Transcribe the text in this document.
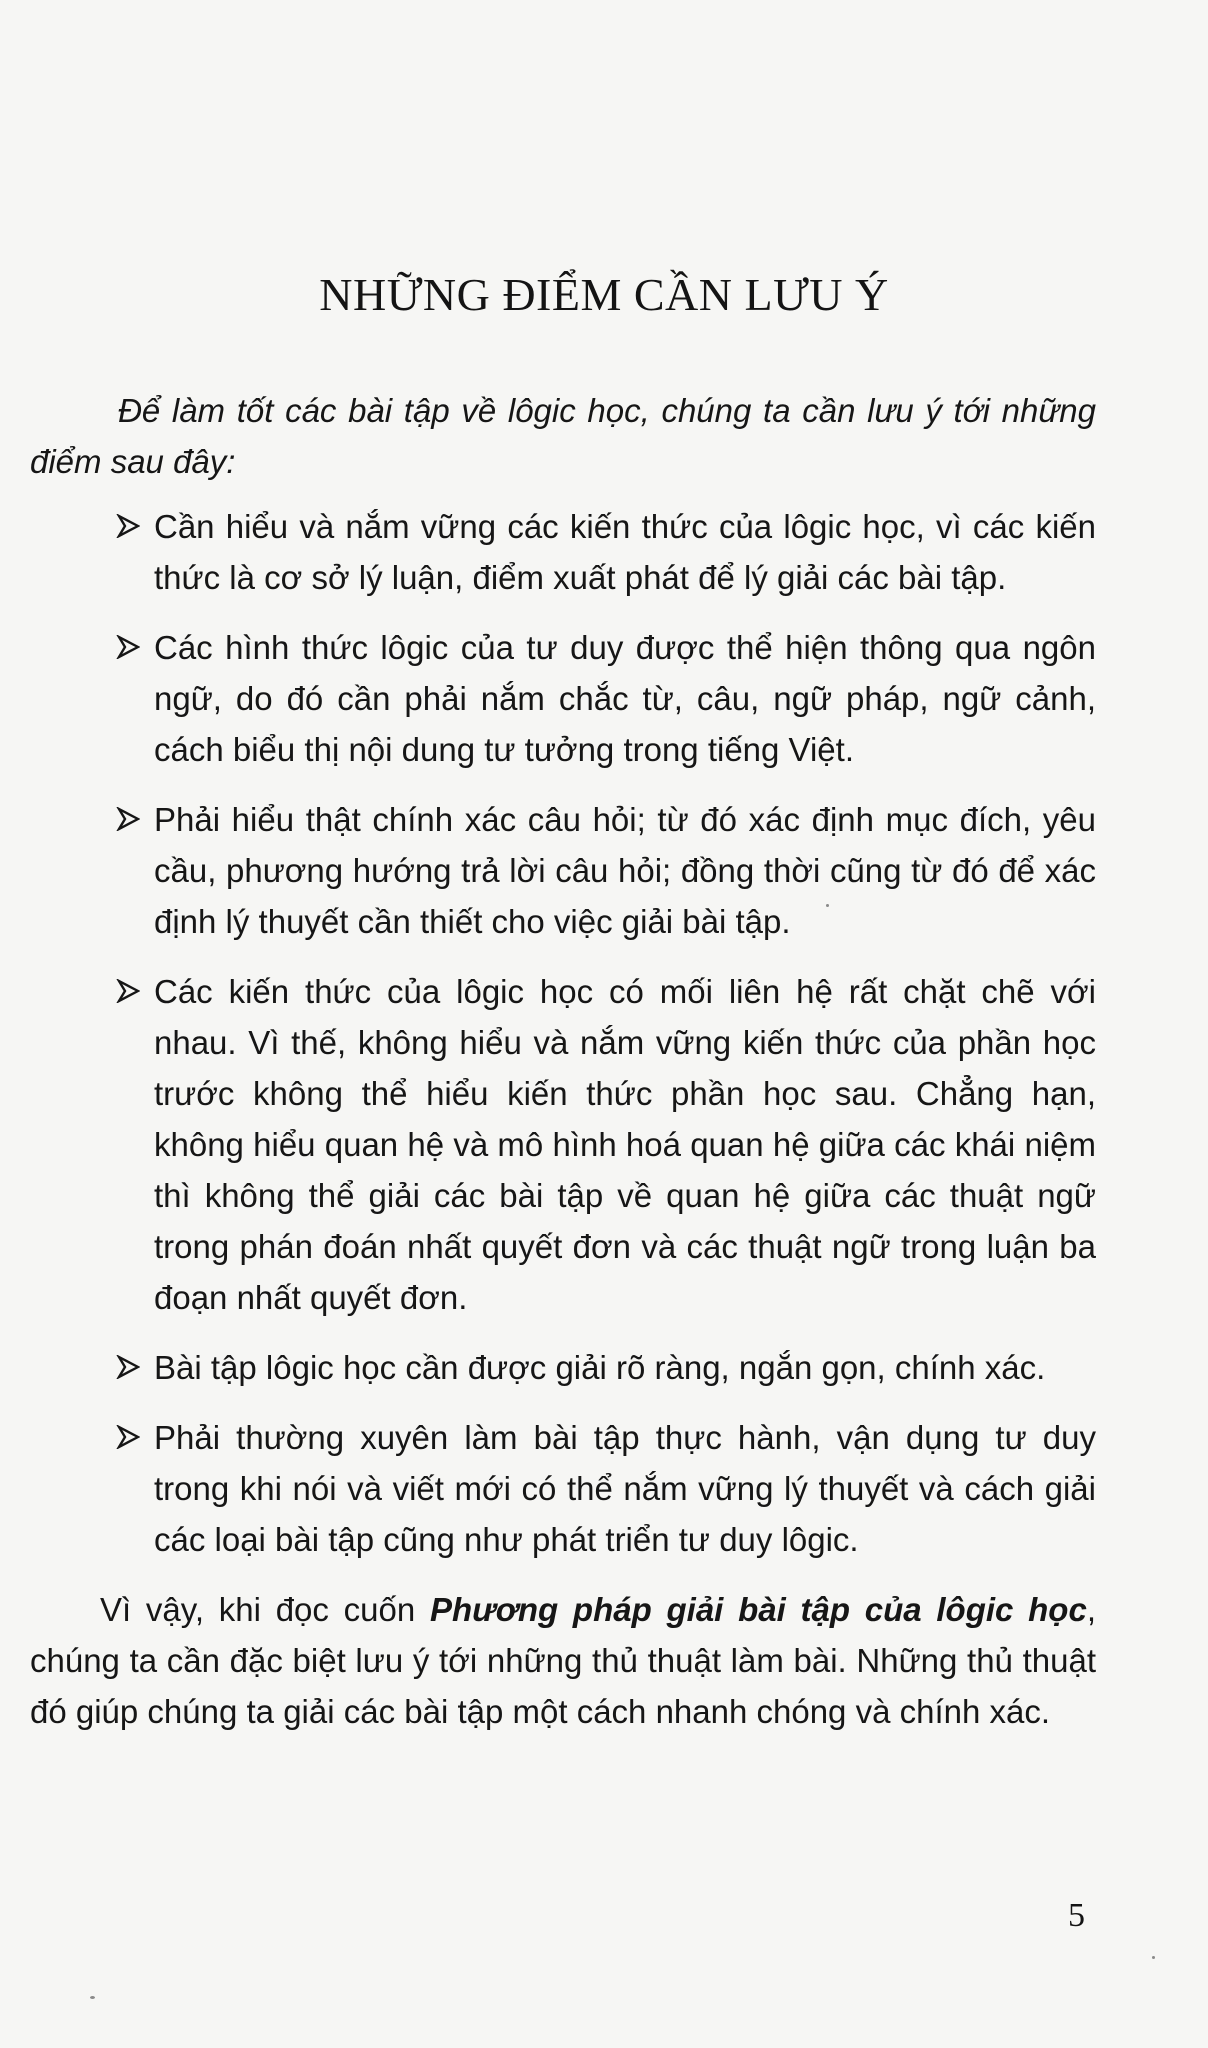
NHỮNG ĐIỂM CẦN LƯU Ý

Để làm tốt các bài tập về lôgic học, chúng ta cần lưu ý tới những điểm sau đây:

Cần hiểu và nắm vững các kiến thức của lôgic học, vì các kiến thức là cơ sở lý luận, điểm xuất phát để lý giải các bài tập.
Các hình thức lôgic của tư duy được thể hiện thông qua ngôn ngữ, do đó cần phải nắm chắc từ, câu, ngữ pháp, ngữ cảnh, cách biểu thị nội dung tư tưởng trong tiếng Việt.
Phải hiểu thật chính xác câu hỏi; từ đó xác định mục đích, yêu cầu, phương hướng trả lời câu hỏi; đồng thời cũng từ đó để xác định lý thuyết cần thiết cho việc giải bài tập.
Các kiến thức của lôgic học có mối liên hệ rất chặt chẽ với nhau. Vì thế, không hiểu và nắm vững kiến thức của phần học trước không thể hiểu kiến thức phần học sau. Chẳng hạn, không hiểu quan hệ và mô hình hoá quan hệ giữa các khái niệm thì không thể giải các bài tập về quan hệ giữa các thuật ngữ trong phán đoán nhất quyết đơn và các thuật ngữ trong luận ba đoạn nhất quyết đơn.
Bài tập lôgic học cần được giải rõ ràng, ngắn gọn, chính xác.
Phải thường xuyên làm bài tập thực hành, vận dụng tư duy trong khi nói và viết mới có thể nắm vững lý thuyết và cách giải các loại bài tập cũng như phát triển tư duy lôgic.

Vì vậy, khi đọc cuốn Phương pháp giải bài tập của lôgic học, chúng ta cần đặc biệt lưu ý tới những thủ thuật làm bài. Những thủ thuật đó giúp chúng ta giải các bài tập một cách nhanh chóng và chính xác.

5
